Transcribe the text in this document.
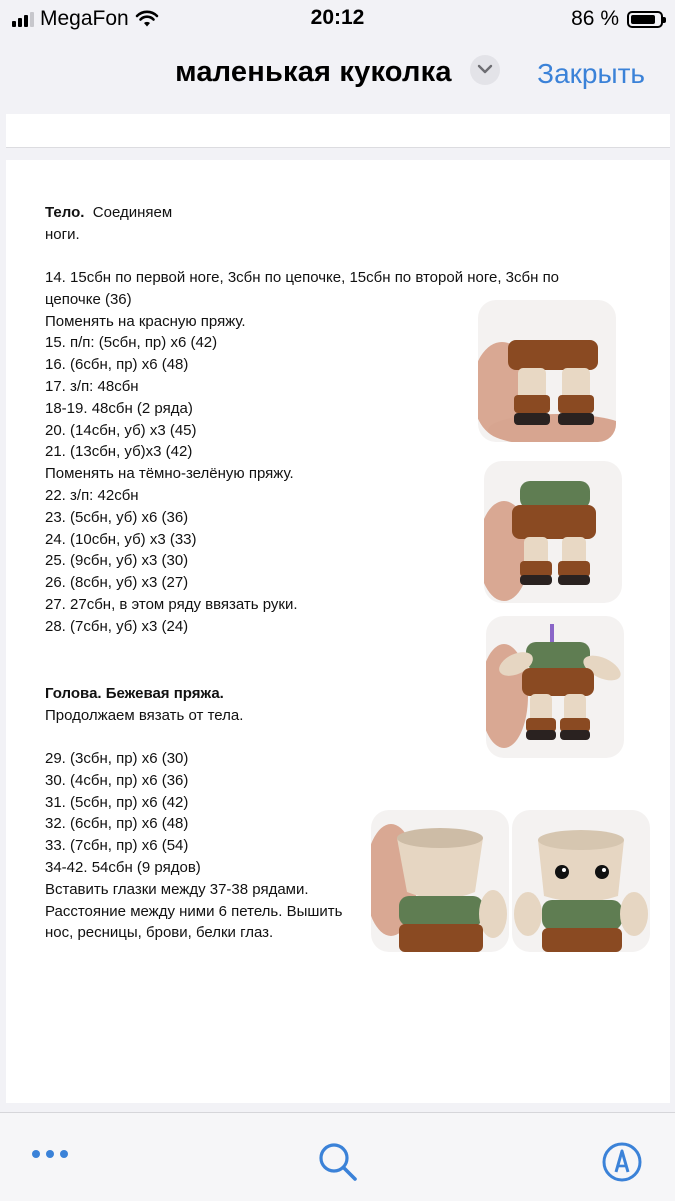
MegaFon	20:12	86 %
маленькая куколка	Закрыть

Тело. Соединяем

ноги.

14. 15сбн по первой ноге, 3сбн по цепочке, 15сбн по второй ноге, 3сбн по

цепочке (36)

Поменять на красную пряжу.

15. п/п: (5сбн, пр) х6 (42)

16. (6сбн, пр) х6 (48)

17. з/п: 48сбн

18-19. 48сбн (2 ряда)

20. (14сбн, уб) х3 (45)

21. (13сбн, уб)х3 (42)

Поменять на тёмно-зелёную пряжу.

22. з/п: 42сбн

23. (5сбн, уб) х6 (36)

24. (10сбн, уб) х3 (33)

25. (9сбн, уб) х3 (30)

26. (8сбн, уб) х3 (27)

27. 27сбн, в этом ряду ввязать руки.

28. (7сбн, уб) х3 (24)

Голова. Бежевая пряжа.

Продолжаем вязать от тела.

29. (3сбн, пр) х6 (30)

30. (4сбн, пр) х6 (36)

31. (5сбн, пр) х6 (42)

32. (6сбн, пр) х6 (48)

33. (7сбн, пр) х6 (54)

34-42. 54сбн (9 рядов)

Вставить глазки между 37-38 рядами.

Расстояние между ними 6 петель. Вышить

нос, ресницы, брови, белки глаз.
